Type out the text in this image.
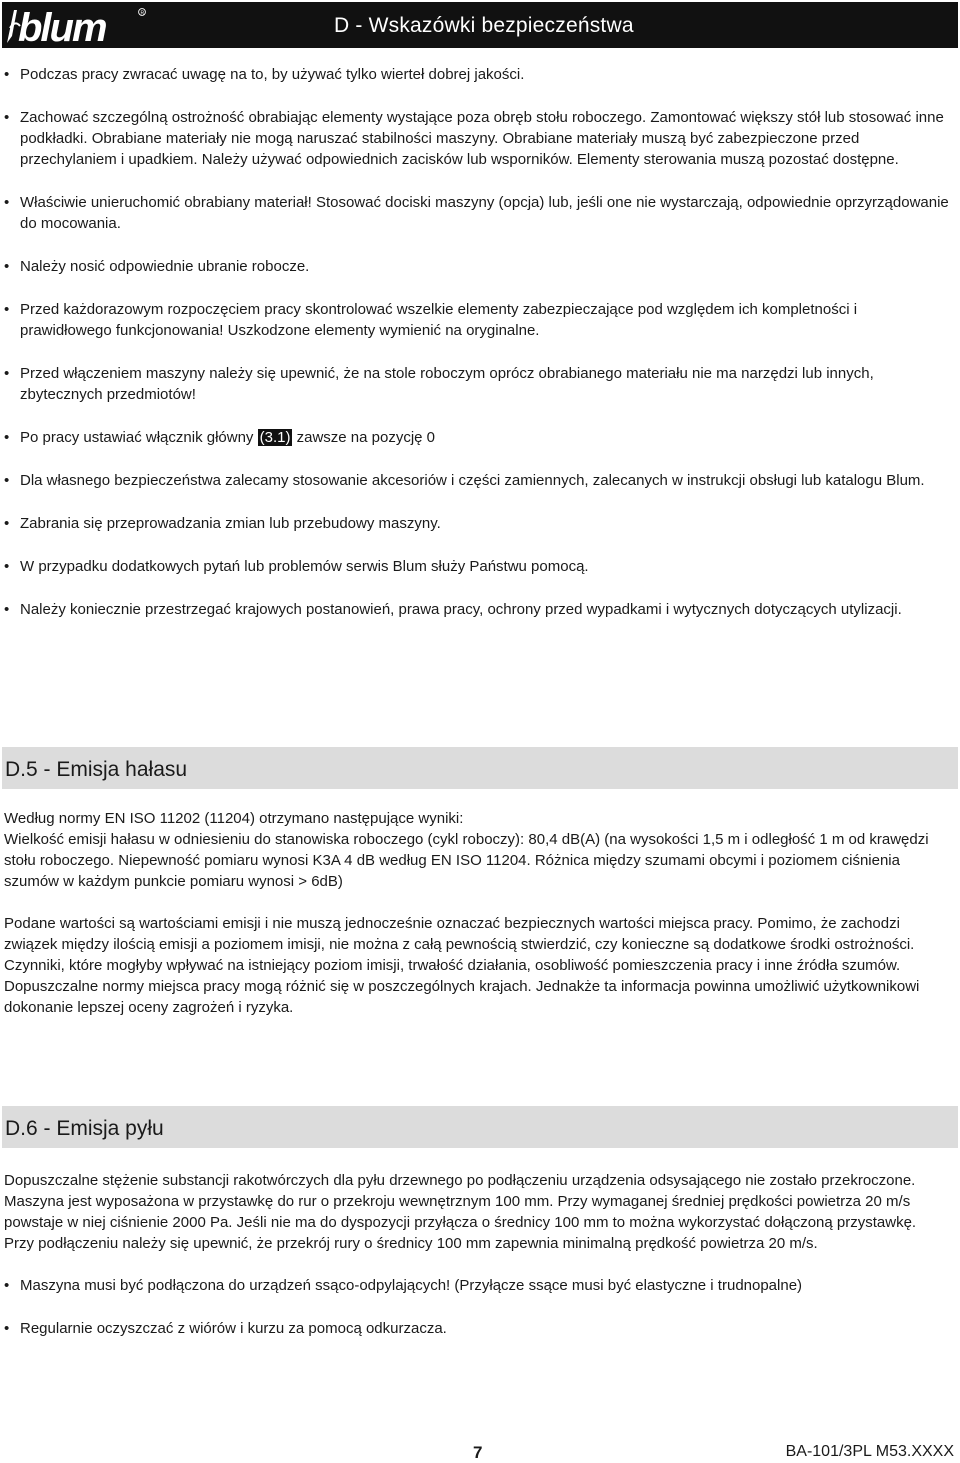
blum	R
D - Wskazówki bezpieczeństwa
• Podczas pracy zwracać uwagę na to, by używać tylko wierteł dobrej jakości.
• Zachować szczególną ostrożność obrabiając elementy wystające poza obręb stołu roboczego. Zamontować większy stół lub stosować inne podkładki. Obrabiane materiały nie mogą naruszać stabilności maszyny. Obrabiane materiały muszą być zabezpieczone przed przechylaniem i upadkiem. Należy używać odpowiednich zacisków lub wsporników. Elementy sterowania muszą pozostać dostępne.
• Właściwie unieruchomić obrabiany materiał! Stosować dociski maszyny (opcja) lub, jeśli one nie wystarczają, odpowiednie oprzyrządowanie do mocowania.
• Należy nosić odpowiednie ubranie robocze.
• Przed każdorazowym rozpoczęciem pracy skontrolować wszelkie elementy zabezpieczające pod względem ich kompletności i prawidłowego funkcjonowania! Uszkodzone elementy wymienić na oryginalne.
• Przed włączeniem maszyny należy się upewnić, że na stole roboczym oprócz obrabianego materiału nie ma narzędzi lub innych, zbytecznych przedmiotów!
• Po pracy ustawiać włącznik główny (3.1) zawsze na pozycję 0
• Dla własnego bezpieczeństwa zalecamy stosowanie akcesoriów i części zamiennych, zalecanych w instrukcji obsługi lub katalogu Blum.
• Zabrania się przeprowadzania zmian lub przebudowy maszyny.
• W przypadku dodatkowych pytań lub problemów serwis Blum służy Państwu pomocą.
• Należy koniecznie przestrzegać krajowych postanowień, prawa pracy, ochrony przed wypadkami i wytycznych dotyczących utylizacji.
D.5 - Emisja hałasu

Według normy EN ISO 11202 (11204) otrzymano następujące wyniki:
Wielkość emisji hałasu w odniesieniu do stanowiska roboczego (cykl roboczy): 80,4 dB(A) (na wysokości 1,5 m i odległość 1 m od krawędzi stołu roboczego. Niepewność pomiaru wynosi K3A 4 dB według EN ISO 11204. Różnica między szumami obcymi i poziomem ciśnienia szumów w każdym punkcie pomiaru wynosi > 6dB)

Podane wartości są wartościami emisji i nie muszą jednocześnie oznaczać bezpiecznych wartości miejsca pracy. Pomimo, że zachodzi związek między ilością emisji a poziomem imisji, nie można z całą pewnością stwierdzić, czy konieczne są dodatkowe środki ostrożności. Czynniki, które mogłyby wpływać na istniejący poziom imisji, trwałość działania, osobliwość pomieszczenia pracy i inne źródła szumów. Dopuszczalne normy miejsca pracy mogą różnić się w poszczególnych krajach. Jednakże ta informacja powinna umożliwić użytkownikowi dokonanie lepszej oceny zagrożeń i ryzyka.

D.6 - Emisja pyłu

Dopuszczalne stężenie substancji rakotwórczych dla pyłu drzewnego po podłączeniu urządzenia odsysającego nie zostało przekroczone. Maszyna jest wyposażona w przystawkę do rur o przekroju wewnętrznym 100 mm. Przy wymaganej średniej prędkości powietrza 20 m/s powstaje w niej ciśnienie 2000 Pa. Jeśli nie ma do dyspozycji przyłącza o średnicy 100 mm to można wykorzystać dołączoną przystawkę. Przy podłączeniu należy się upewnić, że przekrój rury o średnicy 100 mm zapewnia minimalną prędkość powietrza 20 m/s.

• Maszyna musi być podłączona do urządzeń ssąco-odpylających! (Przyłącze ssące musi być elastyczne i trudnopalne)
• Regularnie oczyszczać z wiórów i kurzu za pomocą odkurzacza.
7	BA-101/3PL M53.XXXX
